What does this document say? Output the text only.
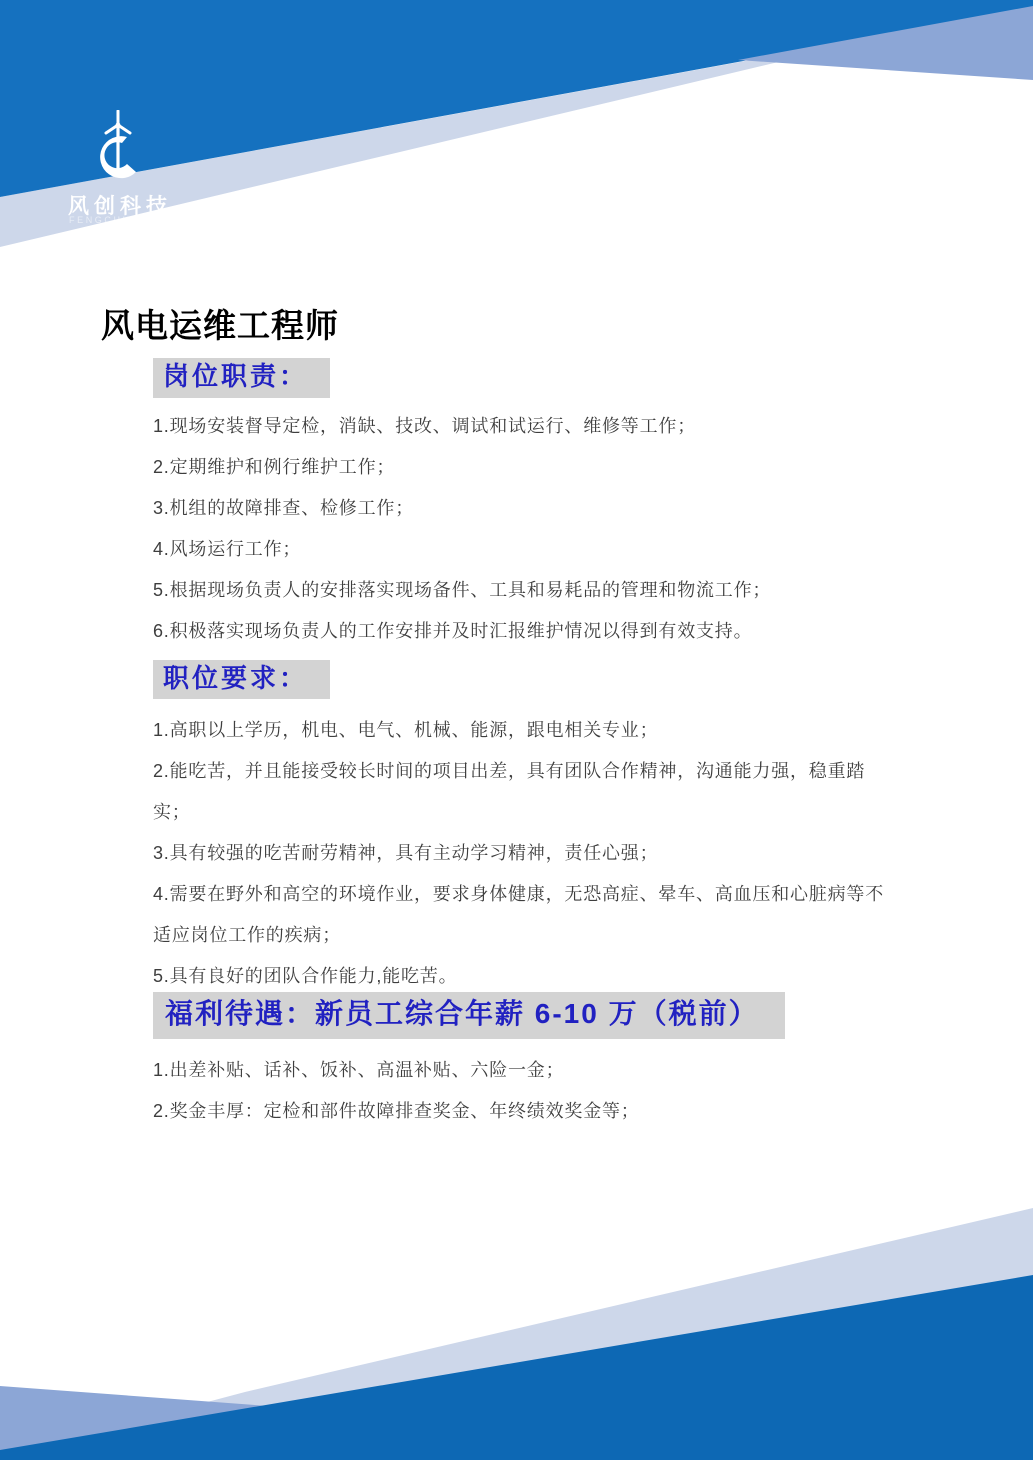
风创科技
FENGCHUANGTECH
风电运维工程师
岗位职责：
1.现场安装督导定检，消缺、技改、调试和试运行、维修等工作；
2.定期维护和例行维护工作；
3.机组的故障排查、检修工作；
4.风场运行工作；
5.根据现场负责人的安排落实现场备件、工具和易耗品的管理和物流工作；
6.积极落实现场负责人的工作安排并及时汇报维护情况以得到有效支持。
职位要求：
1.高职以上学历，机电、电气、机械、能源，跟电相关专业；
2.能吃苦，并且能接受较长时间的项目出差，具有团队合作精神，沟通能力强，稳重踏
实；
3.具有较强的吃苦耐劳精神，具有主动学习精神，责任心强；
4.需要在野外和高空的环境作业，要求身体健康，无恐高症、晕车、高血压和心脏病等不
适应岗位工作的疾病；
5.具有良好的团队合作能力,能吃苦。
福利待遇：新员工综合年薪 6-10 万（税前）
1.出差补贴、话补、饭补、高温补贴、六险一金；
2.奖金丰厚：定检和部件故障排查奖金、年终绩效奖金等；
